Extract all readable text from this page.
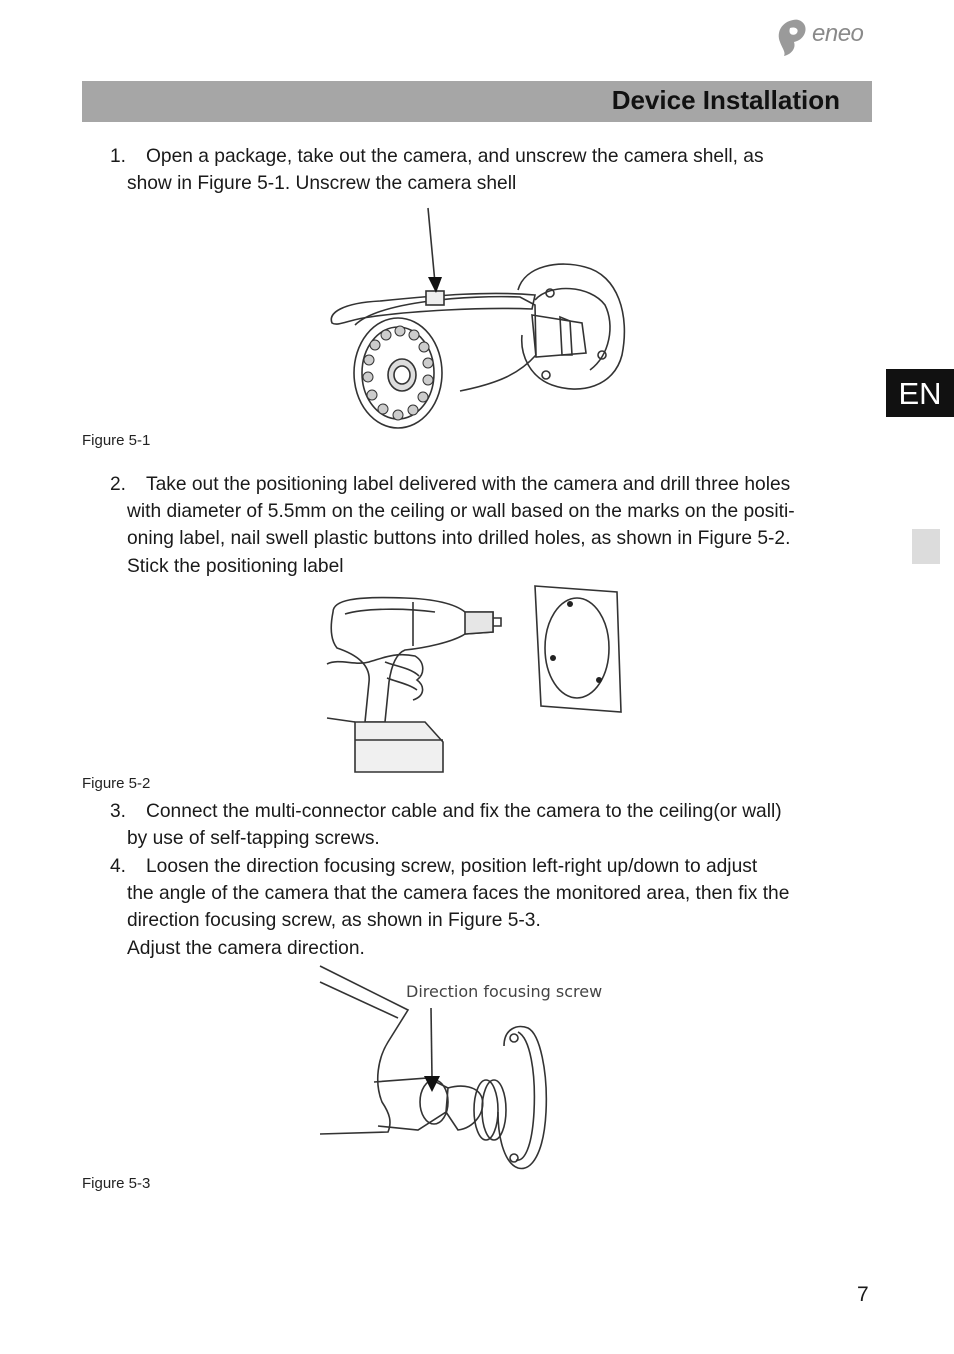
eneo
Device Installation
EN
1. Open a package, take out the camera, and unscrew the camera shell, as
show in Figure 5-1. Unscrew the camera shell
Figure 5-1
2. Take out the positioning label delivered with the camera and drill three holes
with diameter of 5.5mm on the ceiling or wall based on the marks on the positi-
oning label, nail swell plastic buttons into drilled holes, as shown in Figure 5-2.
Stick the positioning label
Figure 5-2
3. Connect the multi-connector cable and fix the camera to the ceiling(or wall)
by use of self-tapping screws.
4. Loosen the direction focusing screw, position left-right up/down to adjust
the angle of the camera that the camera faces the monitored area, then fix the
direction focusing screw, as shown in Figure 5-3.
Adjust the camera direction.
Direction focusing screw
Figure 5-3
7
